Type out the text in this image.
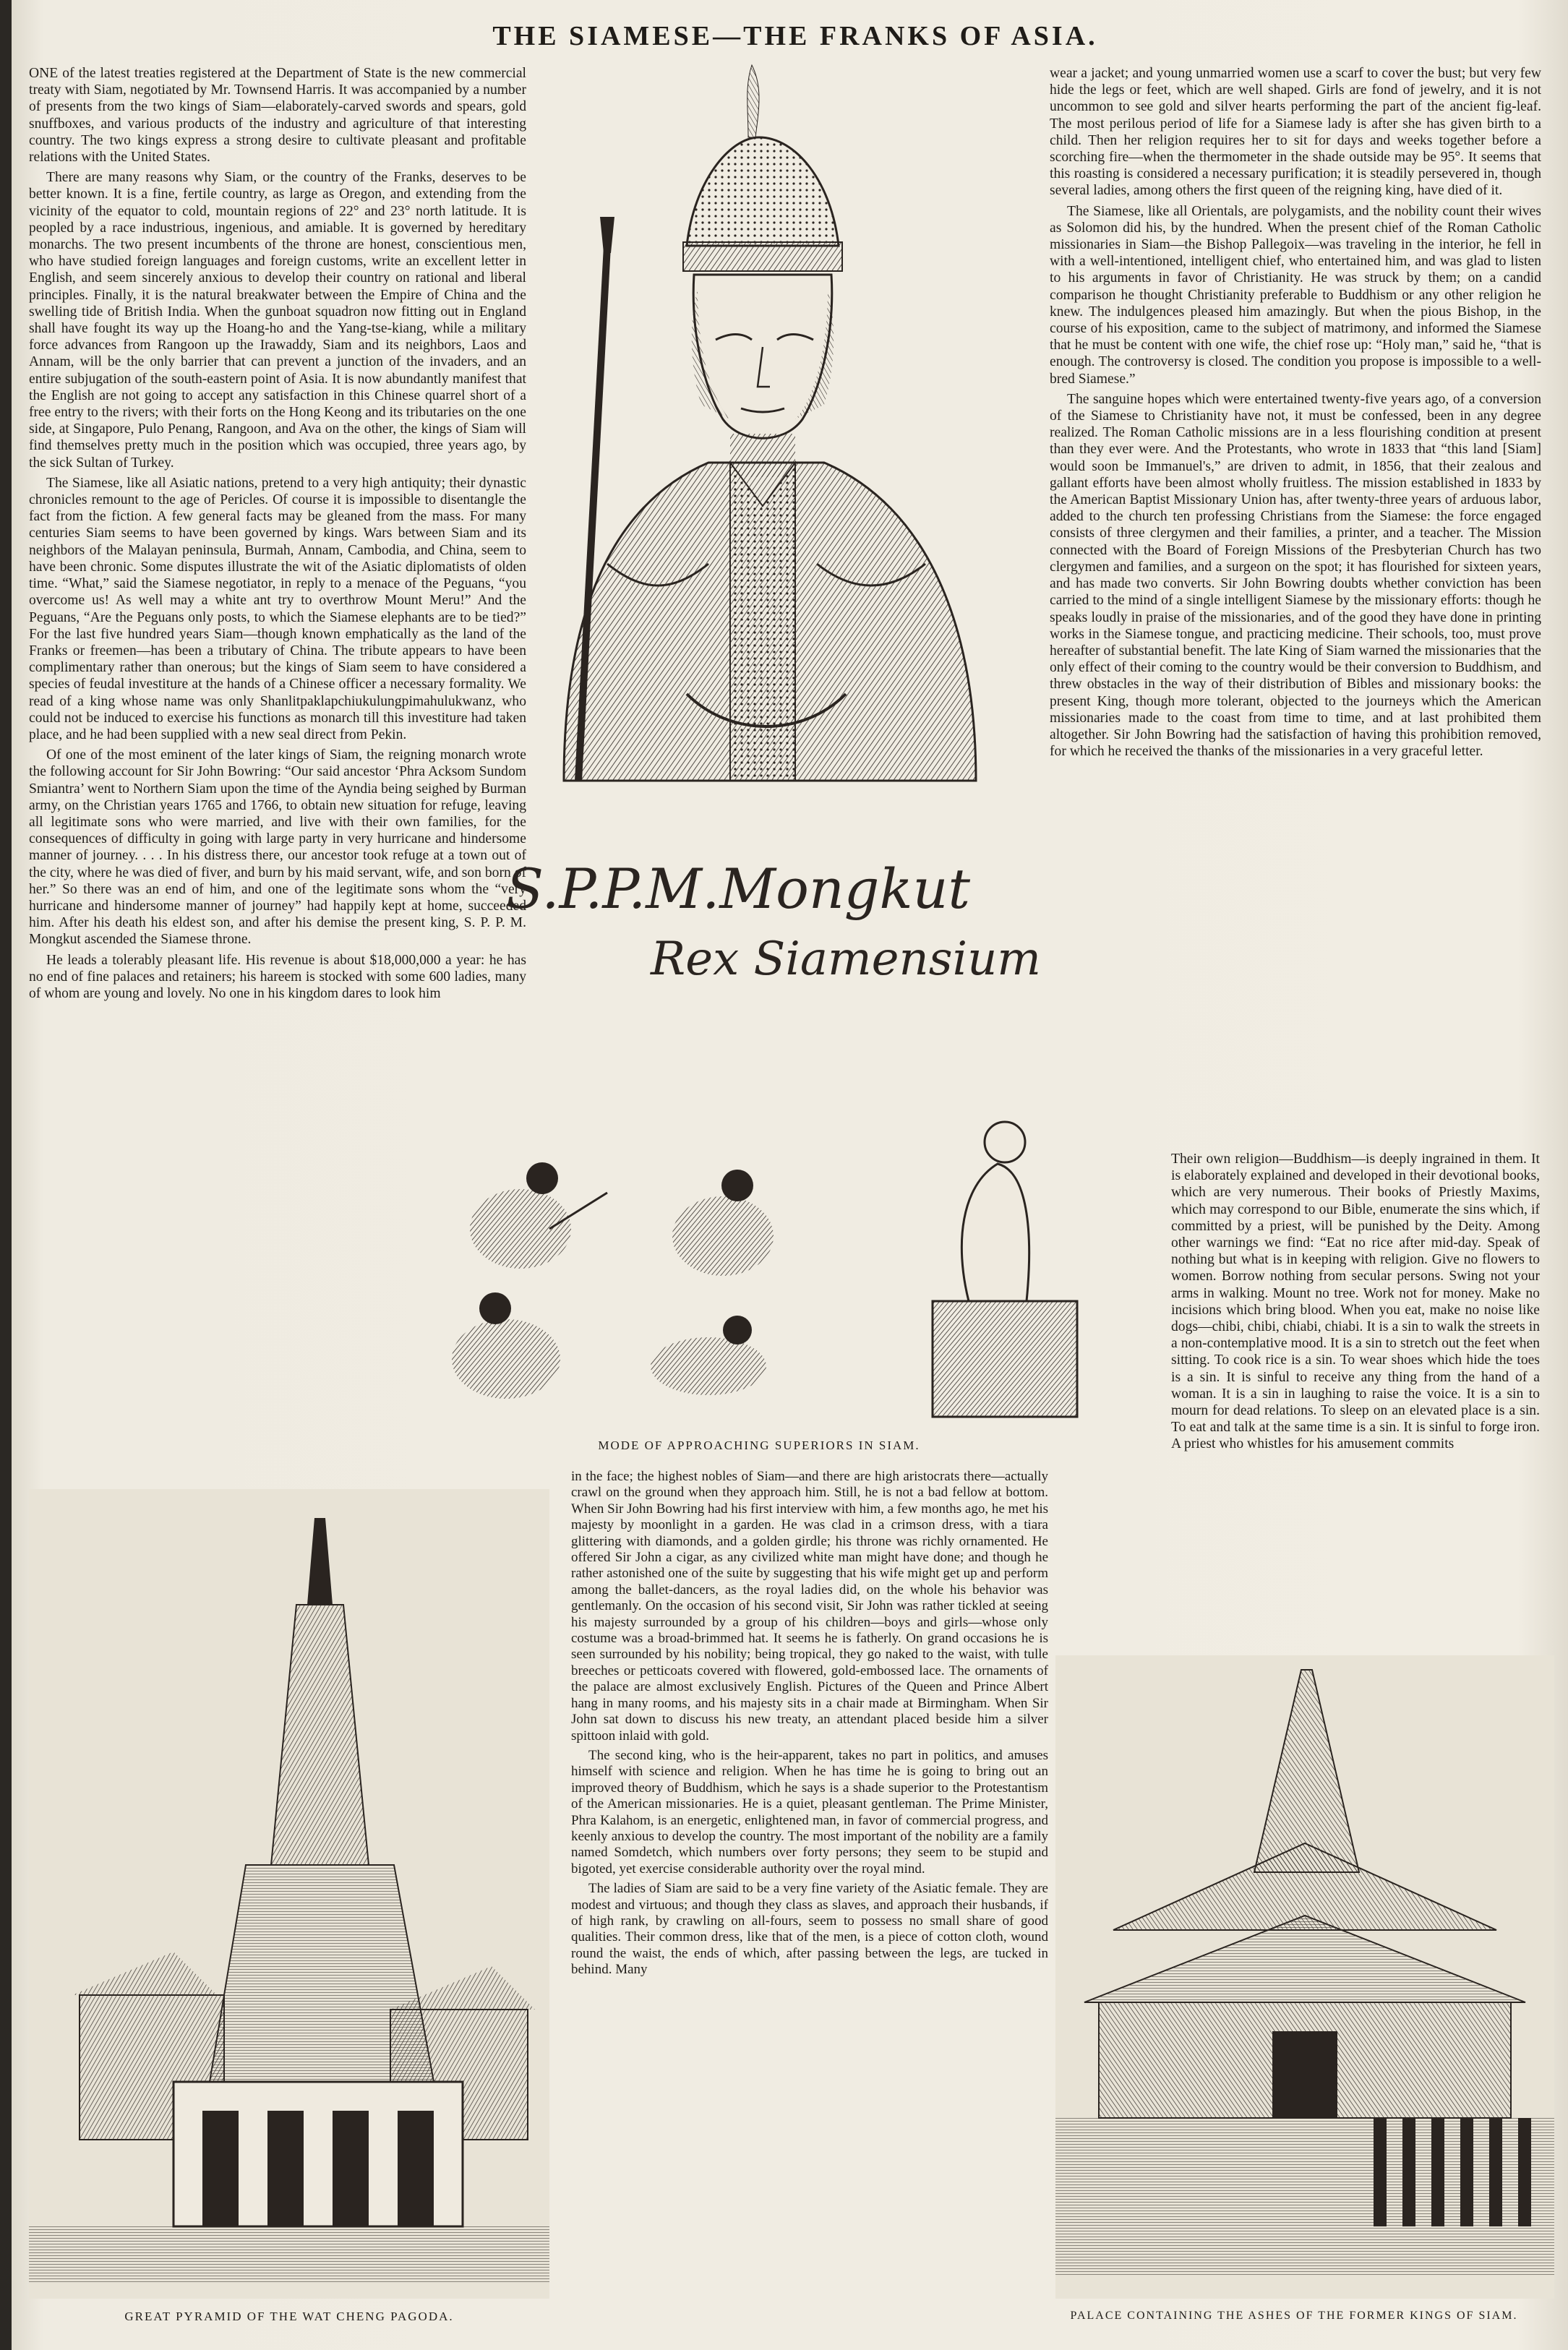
THE SIAMESE—THE FRANKS OF ASIA.

ONE of the latest treaties registered at the Department of State is the new commercial treaty with Siam, negotiated by Mr. Townsend Harris. It was accompanied by a number of presents from the two kings of Siam—elaborately-carved swords and spears, gold snuffboxes, and various products of the industry and agriculture of that interesting country. The two kings express a strong desire to cultivate pleasant and profitable relations with the United States.

There are many reasons why Siam, or the country of the Franks, deserves to be better known. It is a fine, fertile country, as large as Oregon, and extending from the vicinity of the equator to cold, mountain regions of 22° and 23° north latitude. It is peopled by a race industrious, ingenious, and amiable. It is governed by hereditary monarchs. The two present incumbents of the throne are honest, conscientious men, who have studied foreign languages and foreign customs, write an excellent letter in English, and seem sincerely anxious to develop their country on rational and liberal principles. Finally, it is the natural breakwater between the Empire of China and the swelling tide of British India. When the gunboat squadron now fitting out in England shall have fought its way up the Hoang-ho and the Yang-tse-kiang, while a military force advances from Rangoon up the Irawaddy, Siam and its neighbors, Laos and Annam, will be the only barrier that can prevent a junction of the invaders, and an entire subjugation of the south-eastern point of Asia. It is now abundantly manifest that the English are not going to accept any satisfaction in this Chinese quarrel short of a free entry to the rivers; with their forts on the Hong Keong and its tributaries on the one side, at Singapore, Pulo Penang, Rangoon, and Ava on the other, the kings of Siam will find themselves pretty much in the position which was occupied, three years ago, by the sick Sultan of Turkey.

The Siamese, like all Asiatic nations, pretend to a very high antiquity; their dynastic chronicles remount to the age of Pericles. Of course it is impossible to disentangle the fact from the fiction. A few general facts may be gleaned from the mass. For many centuries Siam seems to have been governed by kings. Wars between Siam and its neighbors of the Malayan peninsula, Burmah, Annam, Cambodia, and China, seem to have been chronic. Some disputes illustrate the wit of the Asiatic diplomatists of olden time. “What,” said the Siamese negotiator, in reply to a menace of the Peguans, “you overcome us! As well may a white ant try to overthrow Mount Meru!” And the Peguans, “Are the Peguans only posts, to which the Siamese elephants are to be tied?” For the last five hundred years Siam—though known emphatically as the land of the Franks or freemen—has been a tributary of China. The tribute appears to have been complimentary rather than onerous; but the kings of Siam seem to have considered a species of feudal investiture at the hands of a Chinese officer a necessary formality. We read of a king whose name was only Shanlitpaklapchiukulungpimahulukwanz, who could not be induced to exercise his functions as monarch till this investiture had taken place, and he had been supplied with a new seal direct from Pekin.

Of one of the most eminent of the later kings of Siam, the reigning monarch wrote the following account for Sir John Bowring: “Our said ancestor ‘Phra Acksom Sundom Smiantra’ went to Northern Siam upon the time of the Ayndia being seighed by Burman army, on the Christian years 1765 and 1766, to obtain new situation for refuge, leaving all legitimate sons who were married, and live with their own families, for the consequences of difficulty in going with large party in very hurricane and hindersome manner of journey. . . . In his distress there, our ancestor took refuge at a town out of the city, where he was died of fiver, and burn by his maid servant, wife, and son born of her.” So there was an end of him, and one of the legitimate sons whom the “very hurricane and hindersome manner of journey” had happily kept at home, succeeded him. After his death his eldest son, and after his demise the present king, S. P. P. M. Mongkut ascended the Siamese throne.

He leads a tolerably pleasant life. His revenue is about $18,000,000 a year: he has no end of fine palaces and retainers; his hareem is stocked with some 600 ladies, many of whom are young and lovely. No one in his kingdom dares to look him

S.P.P.M.Mongkut
Rex Siamensium

wear a jacket; and young unmarried women use a scarf to cover the bust; but very few hide the legs or feet, which are well shaped. Girls are fond of jewelry, and it is not uncommon to see gold and silver hearts performing the part of the ancient fig-leaf. The most perilous period of life for a Siamese lady is after she has given birth to a child. Then her religion requires her to sit for days and weeks together before a scorching fire—when the thermometer in the shade outside may be 95°. It seems that this roasting is considered a necessary purification; it is steadily persevered in, though several ladies, among others the first queen of the reigning king, have died of it.

The Siamese, like all Orientals, are polygamists, and the nobility count their wives as Solomon did his, by the hundred. When the present chief of the Roman Catholic missionaries in Siam—the Bishop Pallegoix—was traveling in the interior, he fell in with a well-intentioned, intelligent chief, who entertained him, and was glad to listen to his arguments in favor of Christianity. He was struck by them; on a candid comparison he thought Christianity preferable to Buddhism or any other religion he knew. The indulgences pleased him amazingly. But when the pious Bishop, in the course of his exposition, came to the subject of matrimony, and informed the Siamese that he must be content with one wife, the chief rose up: “Holy man,” said he, “that is enough. The controversy is closed. The condition you propose is impossible to a well-bred Siamese.”

The sanguine hopes which were entertained twenty-five years ago, of a conversion of the Siamese to Christianity have not, it must be confessed, been in any degree realized. The Roman Catholic missions are in a less flourishing condition at present than they ever were. And the Protestants, who wrote in 1833 that “this land [Siam] would soon be Immanuel's,” are driven to admit, in 1856, that their zealous and gallant efforts have been almost wholly fruitless. The mission established in 1833 by the American Baptist Missionary Union has, after twenty-three years of arduous labor, added to the church ten professing Christians from the Siamese: the force engaged consists of three clergymen and their families, a printer, and a teacher. The Mission connected with the Board of Foreign Missions of the Presbyterian Church has two clergymen and families, and a surgeon on the spot; it has flourished for sixteen years, and has made two converts. Sir John Bowring doubts whether conviction has been carried to the mind of a single intelligent Siamese by the missionary efforts: though he speaks loudly in praise of the missionaries, and of the good they have done in printing works in the Siamese tongue, and practicing medicine. Their schools, too, must prove hereafter of substantial benefit. The late King of Siam warned the missionaries that the only effect of their coming to the country would be their conversion to Buddhism, and threw obstacles in the way of their distribution of Bibles and missionary books: the present King, though more tolerant, objected to the journeys which the American missionaries made to the coast from time to time, and at last prohibited them altogether. Sir John Bowring had the satisfaction of having this prohibition removed, for which he received the thanks of the missionaries in a very graceful letter.

MODE OF APPROACHING SUPERIORS IN SIAM.

Their own religion—Buddhism—is deeply ingrained in them. It is elaborately explained and developed in their devotional books, which are very numerous. Their books of Priestly Maxims, which may correspond to our Bible, enumerate the sins which, if committed by a priest, will be punished by the Deity. Among other warnings we find: “Eat no rice after mid-day. Speak of nothing but what is in keeping with religion. Give no flowers to women. Borrow nothing from secular persons. Swing not your arms in walking. Mount no tree. Work not for money. Make no incisions which bring blood. When you eat, make no noise like dogs—chibi, chibi, chiabi, chiabi. It is a sin to walk the streets in a non-contemplative mood. It is a sin to stretch out the feet when sitting. To cook rice is a sin. To wear shoes which hide the toes is a sin. It is sinful to receive any thing from the hand of a woman. It is a sin in laughing to raise the voice. It is a sin to mourn for dead relations. To sleep on an elevated place is a sin. To eat and talk at the same time is a sin. It is sinful to forge iron. A priest who whistles for his amusement commits

in the face; the highest nobles of Siam—and there are high aristocrats there—actually crawl on the ground when they approach him. Still, he is not a bad fellow at bottom. When Sir John Bowring had his first interview with him, a few months ago, he met his majesty by moonlight in a garden. He was clad in a crimson dress, with a tiara glittering with diamonds, and a golden girdle; his throne was richly ornamented. He offered Sir John a cigar, as any civilized white man might have done; and though he rather astonished one of the suite by suggesting that his wife might get up and perform among the ballet-dancers, as the royal ladies did, on the whole his behavior was gentlemanly. On the occasion of his second visit, Sir John was rather tickled at seeing his majesty surrounded by a group of his children—boys and girls—whose only costume was a broad-brimmed hat. It seems he is fatherly. On grand occasions he is seen surrounded by his nobility; being tropical, they go naked to the waist, with tulle breeches or petticoats covered with flowered, gold-embossed lace. The ornaments of the palace are almost exclusively English. Pictures of the Queen and Prince Albert hang in many rooms, and his majesty sits in a chair made at Birmingham. When Sir John sat down to discuss his new treaty, an attendant placed beside him a silver spittoon inlaid with gold.

The second king, who is the heir-apparent, takes no part in politics, and amuses himself with science and religion. When he has time he is going to bring out an improved theory of Buddhism, which he says is a shade superior to the Protestantism of the American missionaries. He is a quiet, pleasant gentleman. The Prime Minister, Phra Kalahom, is an energetic, enlightened man, in favor of commercial progress, and keenly anxious to develop the country. The most important of the nobility are a family named Somdetch, which numbers over forty persons; they seem to be stupid and bigoted, yet exercise considerable authority over the royal mind.

The ladies of Siam are said to be a very fine variety of the Asiatic female. They are modest and virtuous; and though they class as slaves, and approach their husbands, if of high rank, by crawling on all-fours, seem to possess no small share of good qualities. Their common dress, like that of the men, is a piece of cotton cloth, wound round the waist, the ends of which, after passing between the legs, are tucked in behind. Many

GREAT PYRAMID OF THE WAT CHENG PAGODA.	PALACE CONTAINING THE ASHES OF THE FORMER KINGS OF SIAM.
